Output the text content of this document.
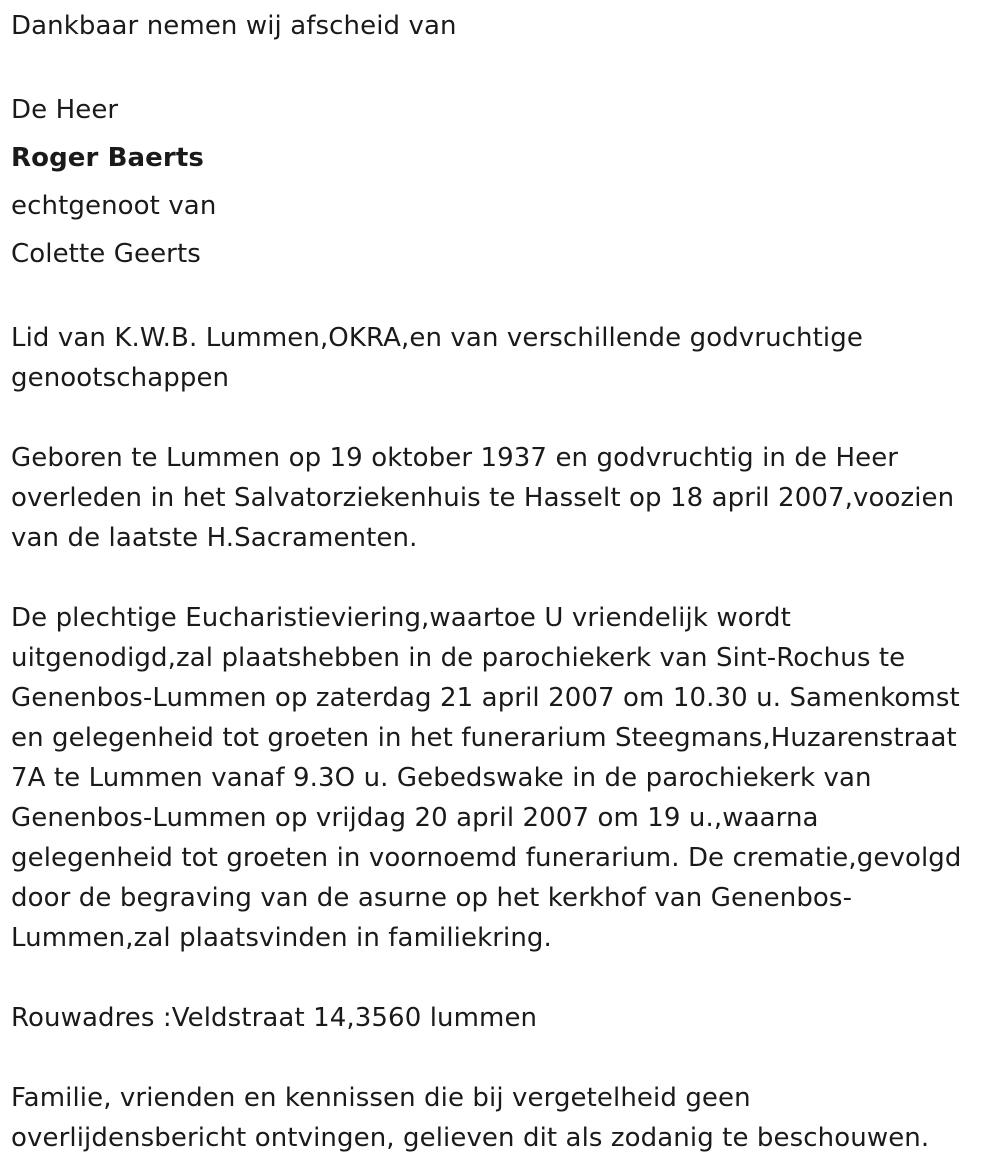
Dankbaar nemen wij afscheid van
De Heer
Roger Baerts
echtgenoot van
Colette Geerts
Lid van K.W.B. Lummen,OKRA,en van verschillende godvruchtige
genootschappen
Geboren te Lummen op 19 oktober 1937 en godvruchtig in de Heer
overleden in het Salvatorziekenhuis te Hasselt op 18 april 2007,voozien
van de laatste H.Sacramenten.
De plechtige Eucharistieviering,waartoe U vriendelijk wordt
uitgenodigd,zal plaatshebben in de parochiekerk van Sint-Rochus te
Genenbos-Lummen op zaterdag 21 april 2007 om 10.30 u. Samenkomst
en gelegenheid tot groeten in het funerarium Steegmans,Huzarenstraat
7A te Lummen vanaf 9.3O u. Gebedswake in de parochiekerk van
Genenbos-Lummen op vrijdag 20 april 2007 om 19 u.,waarna
gelegenheid tot groeten in voornoemd funerarium. De crematie,gevolgd
door de begraving van de asurne op het kerkhof van Genenbos-
Lummen,zal plaatsvinden in familiekring.
Rouwadres :Veldstraat 14,3560 lummen
Familie, vrienden en kennissen die bij vergetelheid geen
overlijdensbericht ontvingen, gelieven dit als zodanig te beschouwen.
